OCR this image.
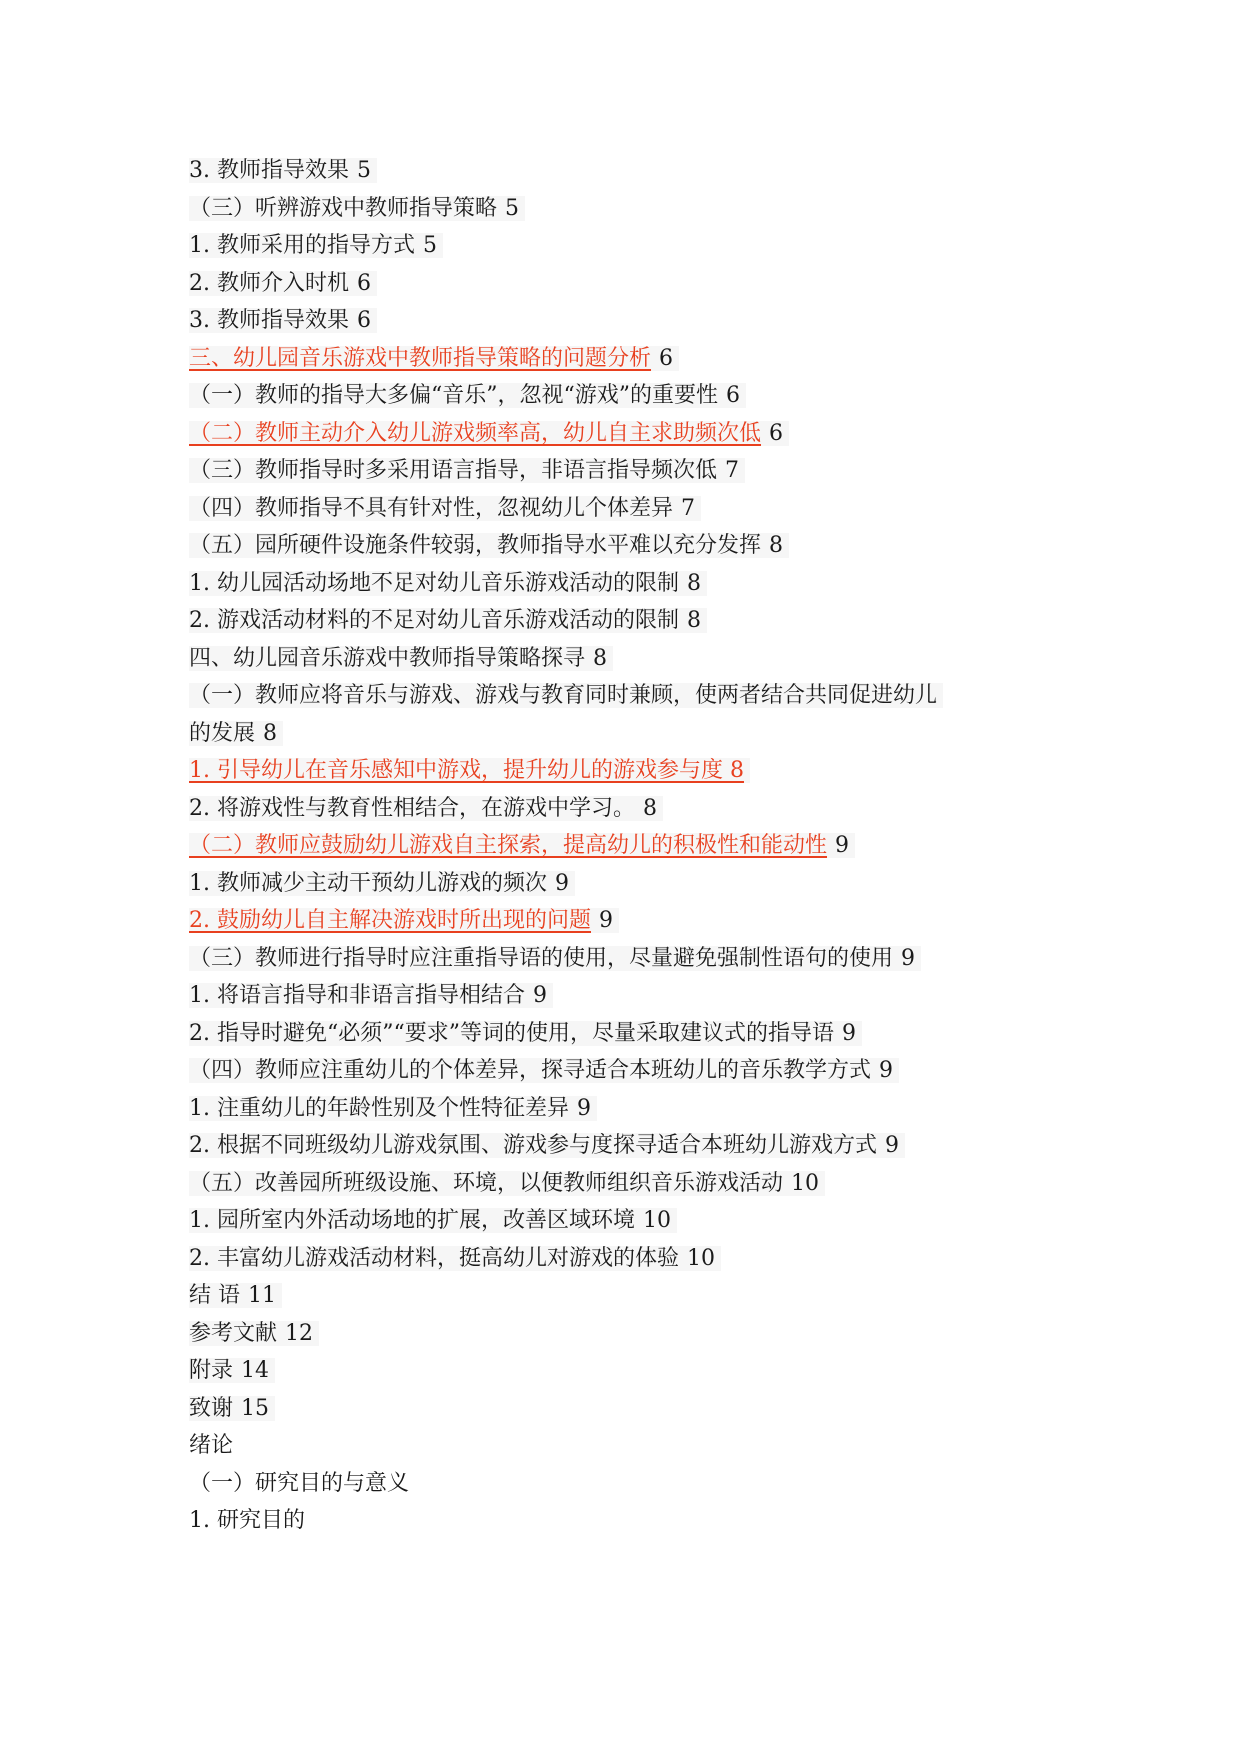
3. 教师指导效果 5
（三）听辨游戏中教师指导策略 5
1. 教师采用的指导方式 5
2. 教师介入时机 6
3. 教师指导效果 6
三、幼儿园音乐游戏中教师指导策略的问题分析 6
（一）教师的指导大多偏“音乐”，忽视“游戏”的重要性 6
（二）教师主动介入幼儿游戏频率高，幼儿自主求助频次低 6
（三）教师指导时多采用语言指导，非语言指导频次低 7
（四）教师指导不具有针对性，忽视幼儿个体差异 7
（五）园所硬件设施条件较弱，教师指导水平难以充分发挥 8
1. 幼儿园活动场地不足对幼儿音乐游戏活动的限制 8
2. 游戏活动材料的不足对幼儿音乐游戏活动的限制 8
四、幼儿园音乐游戏中教师指导策略探寻 8
（一）教师应将音乐与游戏、游戏与教育同时兼顾，使两者结合共同促进幼儿
的发展 8
1. 引导幼儿在音乐感知中游戏，提升幼儿的游戏参与度 8
2. 将游戏性与教育性相结合，在游戏中学习。 8
（二）教师应鼓励幼儿游戏自主探索，提高幼儿的积极性和能动性 9
1. 教师减少主动干预幼儿游戏的频次 9
2. 鼓励幼儿自主解决游戏时所出现的问题 9
（三）教师进行指导时应注重指导语的使用，尽量避免强制性语句的使用 9
1. 将语言指导和非语言指导相结合 9
2. 指导时避免“必须”“要求”等词的使用，尽量采取建议式的指导语 9
（四）教师应注重幼儿的个体差异，探寻适合本班幼儿的音乐教学方式 9
1. 注重幼儿的年龄性别及个性特征差异 9
2. 根据不同班级幼儿游戏氛围、游戏参与度探寻适合本班幼儿游戏方式 9
（五）改善园所班级设施、环境，以便教师组织音乐游戏活动 10
1. 园所室内外活动场地的扩展，改善区域环境 10
2. 丰富幼儿游戏活动材料，挺高幼儿对游戏的体验 10
结 语 11
参考文献 12
附录 14
致谢 15
绪论
（一）研究目的与意义
1. 研究目的
